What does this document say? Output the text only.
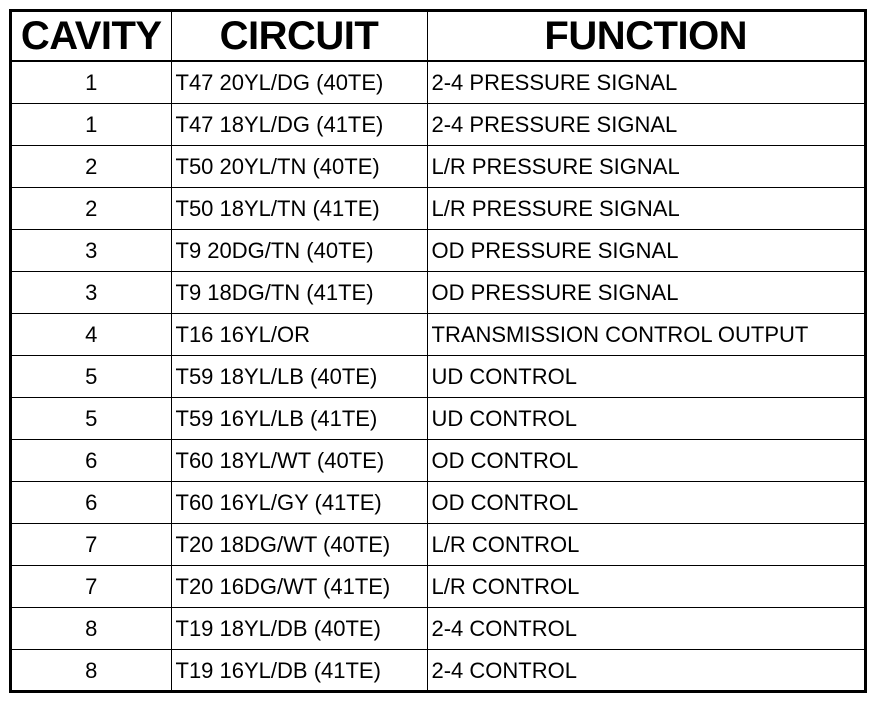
CAVITY	CIRCUIT	FUNCTION
1	T47 20YL/DG (40TE)	2-4 PRESSURE SIGNAL
1	T47 18YL/DG (41TE)	2-4 PRESSURE SIGNAL
2	T50 20YL/TN (40TE)	L/R PRESSURE SIGNAL
2	T50 18YL/TN (41TE)	L/R PRESSURE SIGNAL
3	T9 20DG/TN (40TE)	OD PRESSURE SIGNAL
3	T9 18DG/TN (41TE)	OD PRESSURE SIGNAL
4	T16 16YL/OR	TRANSMISSION CONTROL OUTPUT
5	T59 18YL/LB (40TE)	UD CONTROL
5	T59 16YL/LB (41TE)	UD CONTROL
6	T60 18YL/WT (40TE)	OD CONTROL
6	T60 16YL/GY (41TE)	OD CONTROL
7	T20 18DG/WT (40TE)	L/R CONTROL
7	T20 16DG/WT (41TE)	L/R CONTROL
8	T19 18YL/DB (40TE)	2-4 CONTROL
8	T19 16YL/DB (41TE)	2-4 CONTROL
